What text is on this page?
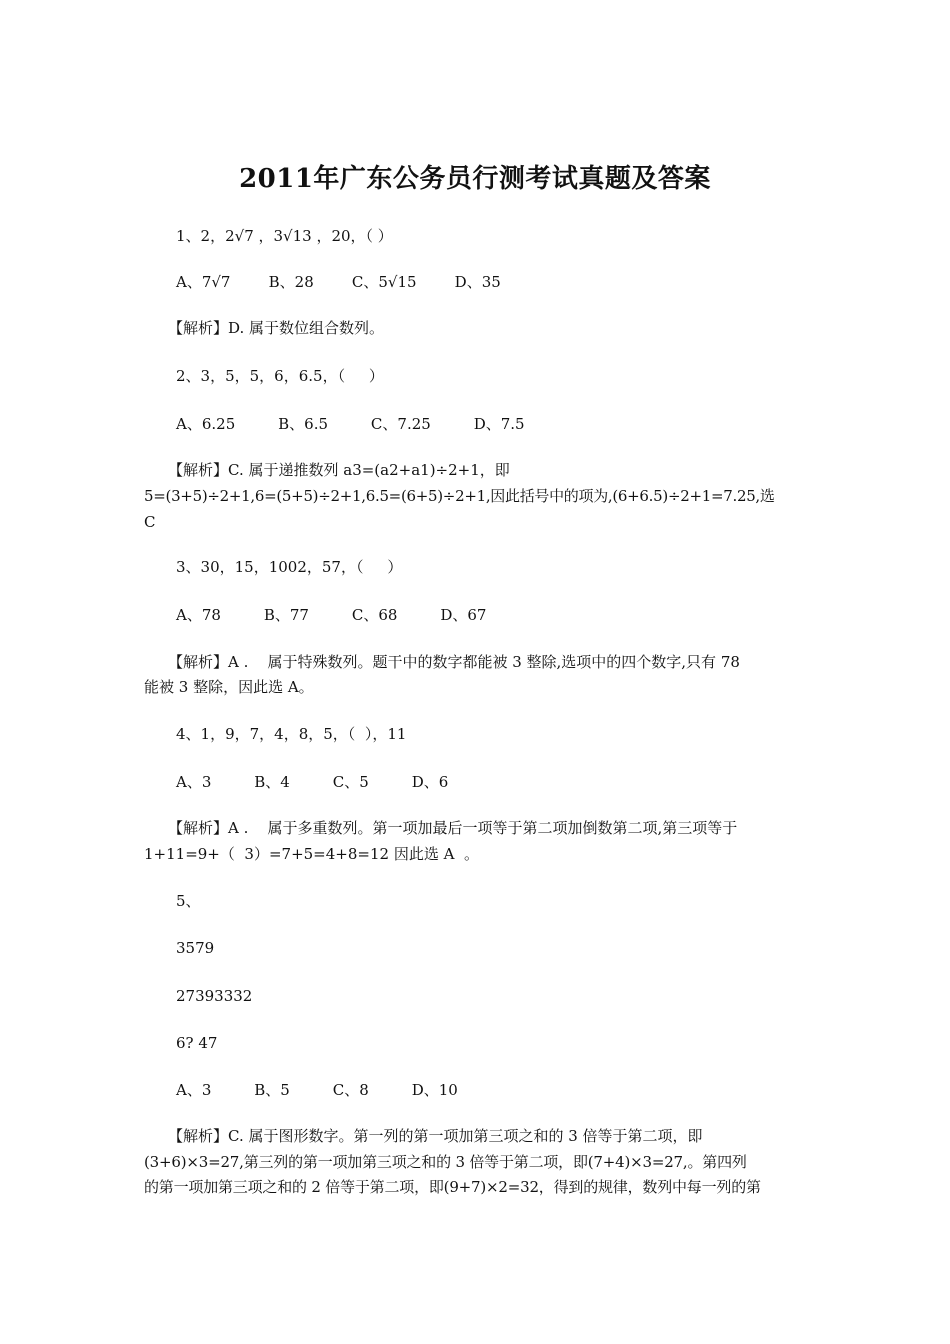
2011年广东公务员行测考试真题及答案
1、2，2√7 ，3√13 ，20，（ ）
A、7√7        B、28        C、5√15        D、35
【解析】D. 属于数位组合数列。
2、3，5，5，6，6.5，（     ）
A、6.25         B、6.5         C、7.25         D、7.5
【解析】C. 属于递推数列 a3=(a2+a1)÷2+1，即
5=(3+5)÷2+1,6=(5+5)÷2+1,6.5=(6+5)÷2+1,因此括号中的项为,(6+6.5)÷2+1=7.25,选
C
3、30，15，1002，57，（     ）
A、78         B、77         C、68         D、67
【解析】A .    属于特殊数列。题干中的数字都能被 3 整除,选项中的四个数字,只有 78
能被 3 整除，因此选 A。
4、1，9，7，4，8，5，（  ），11
A、3         B、4         C、5         D、6
【解析】A .    属于多重数列。第一项加最后一项等于第二项加倒数第二项,第三项等于
1+11=9+（  3）=7+5=4+8=12 因此选 A  。
5、
3579
27393332
6? 47
A、3         B、5         C、8         D、10
【解析】C. 属于图形数字。第一列的第一项加第三项之和的 3 倍等于第二项，即
(3+6)×3=27,第三列的第一项加第三项之和的 3 倍等于第二项，即(7+4)×3=27,。第四列
的第一项加第三项之和的 2 倍等于第二项，即(9+7)×2=32，得到的规律，数列中每一列的第
